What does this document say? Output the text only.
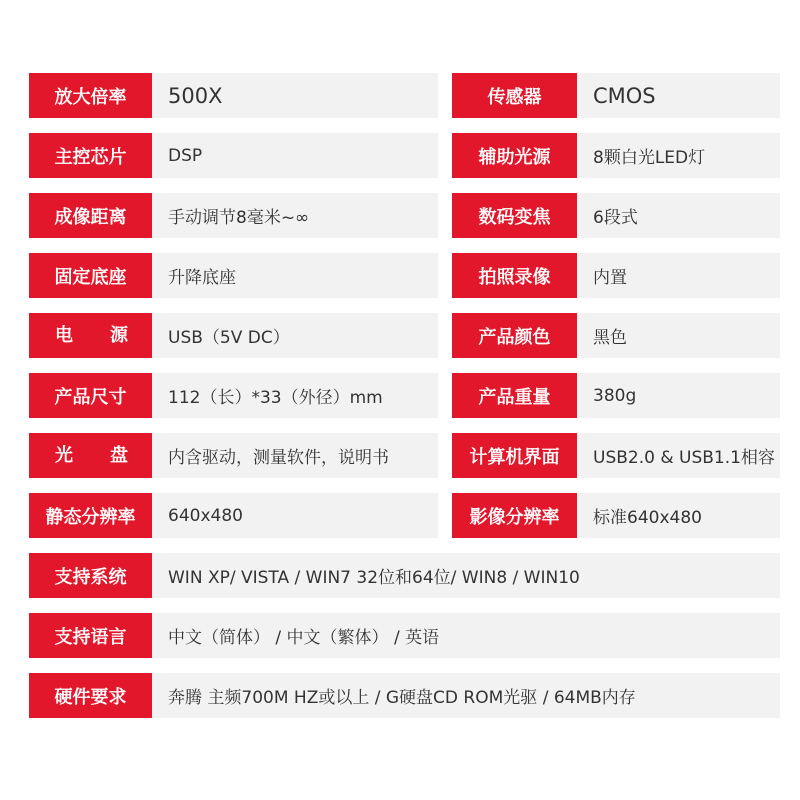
放大倍率	500X	传感器	CMOS
主控芯片	DSP	辅助光源	8颗白光LED灯
成像距离	手动调节8毫米~∞	数码变焦	6段式
固定底座	升降底座	拍照录像	内置
电 源	USB（5V DC）	产品颜色	黑色
产品尺寸	112（长）*33（外径）mm	产品重量	380g
光 盘	内含驱动，测量软件，说明书	计算机界面	USB2.0 & USB1.1相容
静态分辨率	640x480	影像分辨率	标准640x480
支持系统	WIN XP/ VISTA / WIN7 32位和64位/ WIN8 / WIN10
支持语言	中文（简体） / 中文（繁体） / 英语
硬件要求	奔腾 主频700M HZ或以上 / G硬盘CD ROM光驱 / 64MB内存
